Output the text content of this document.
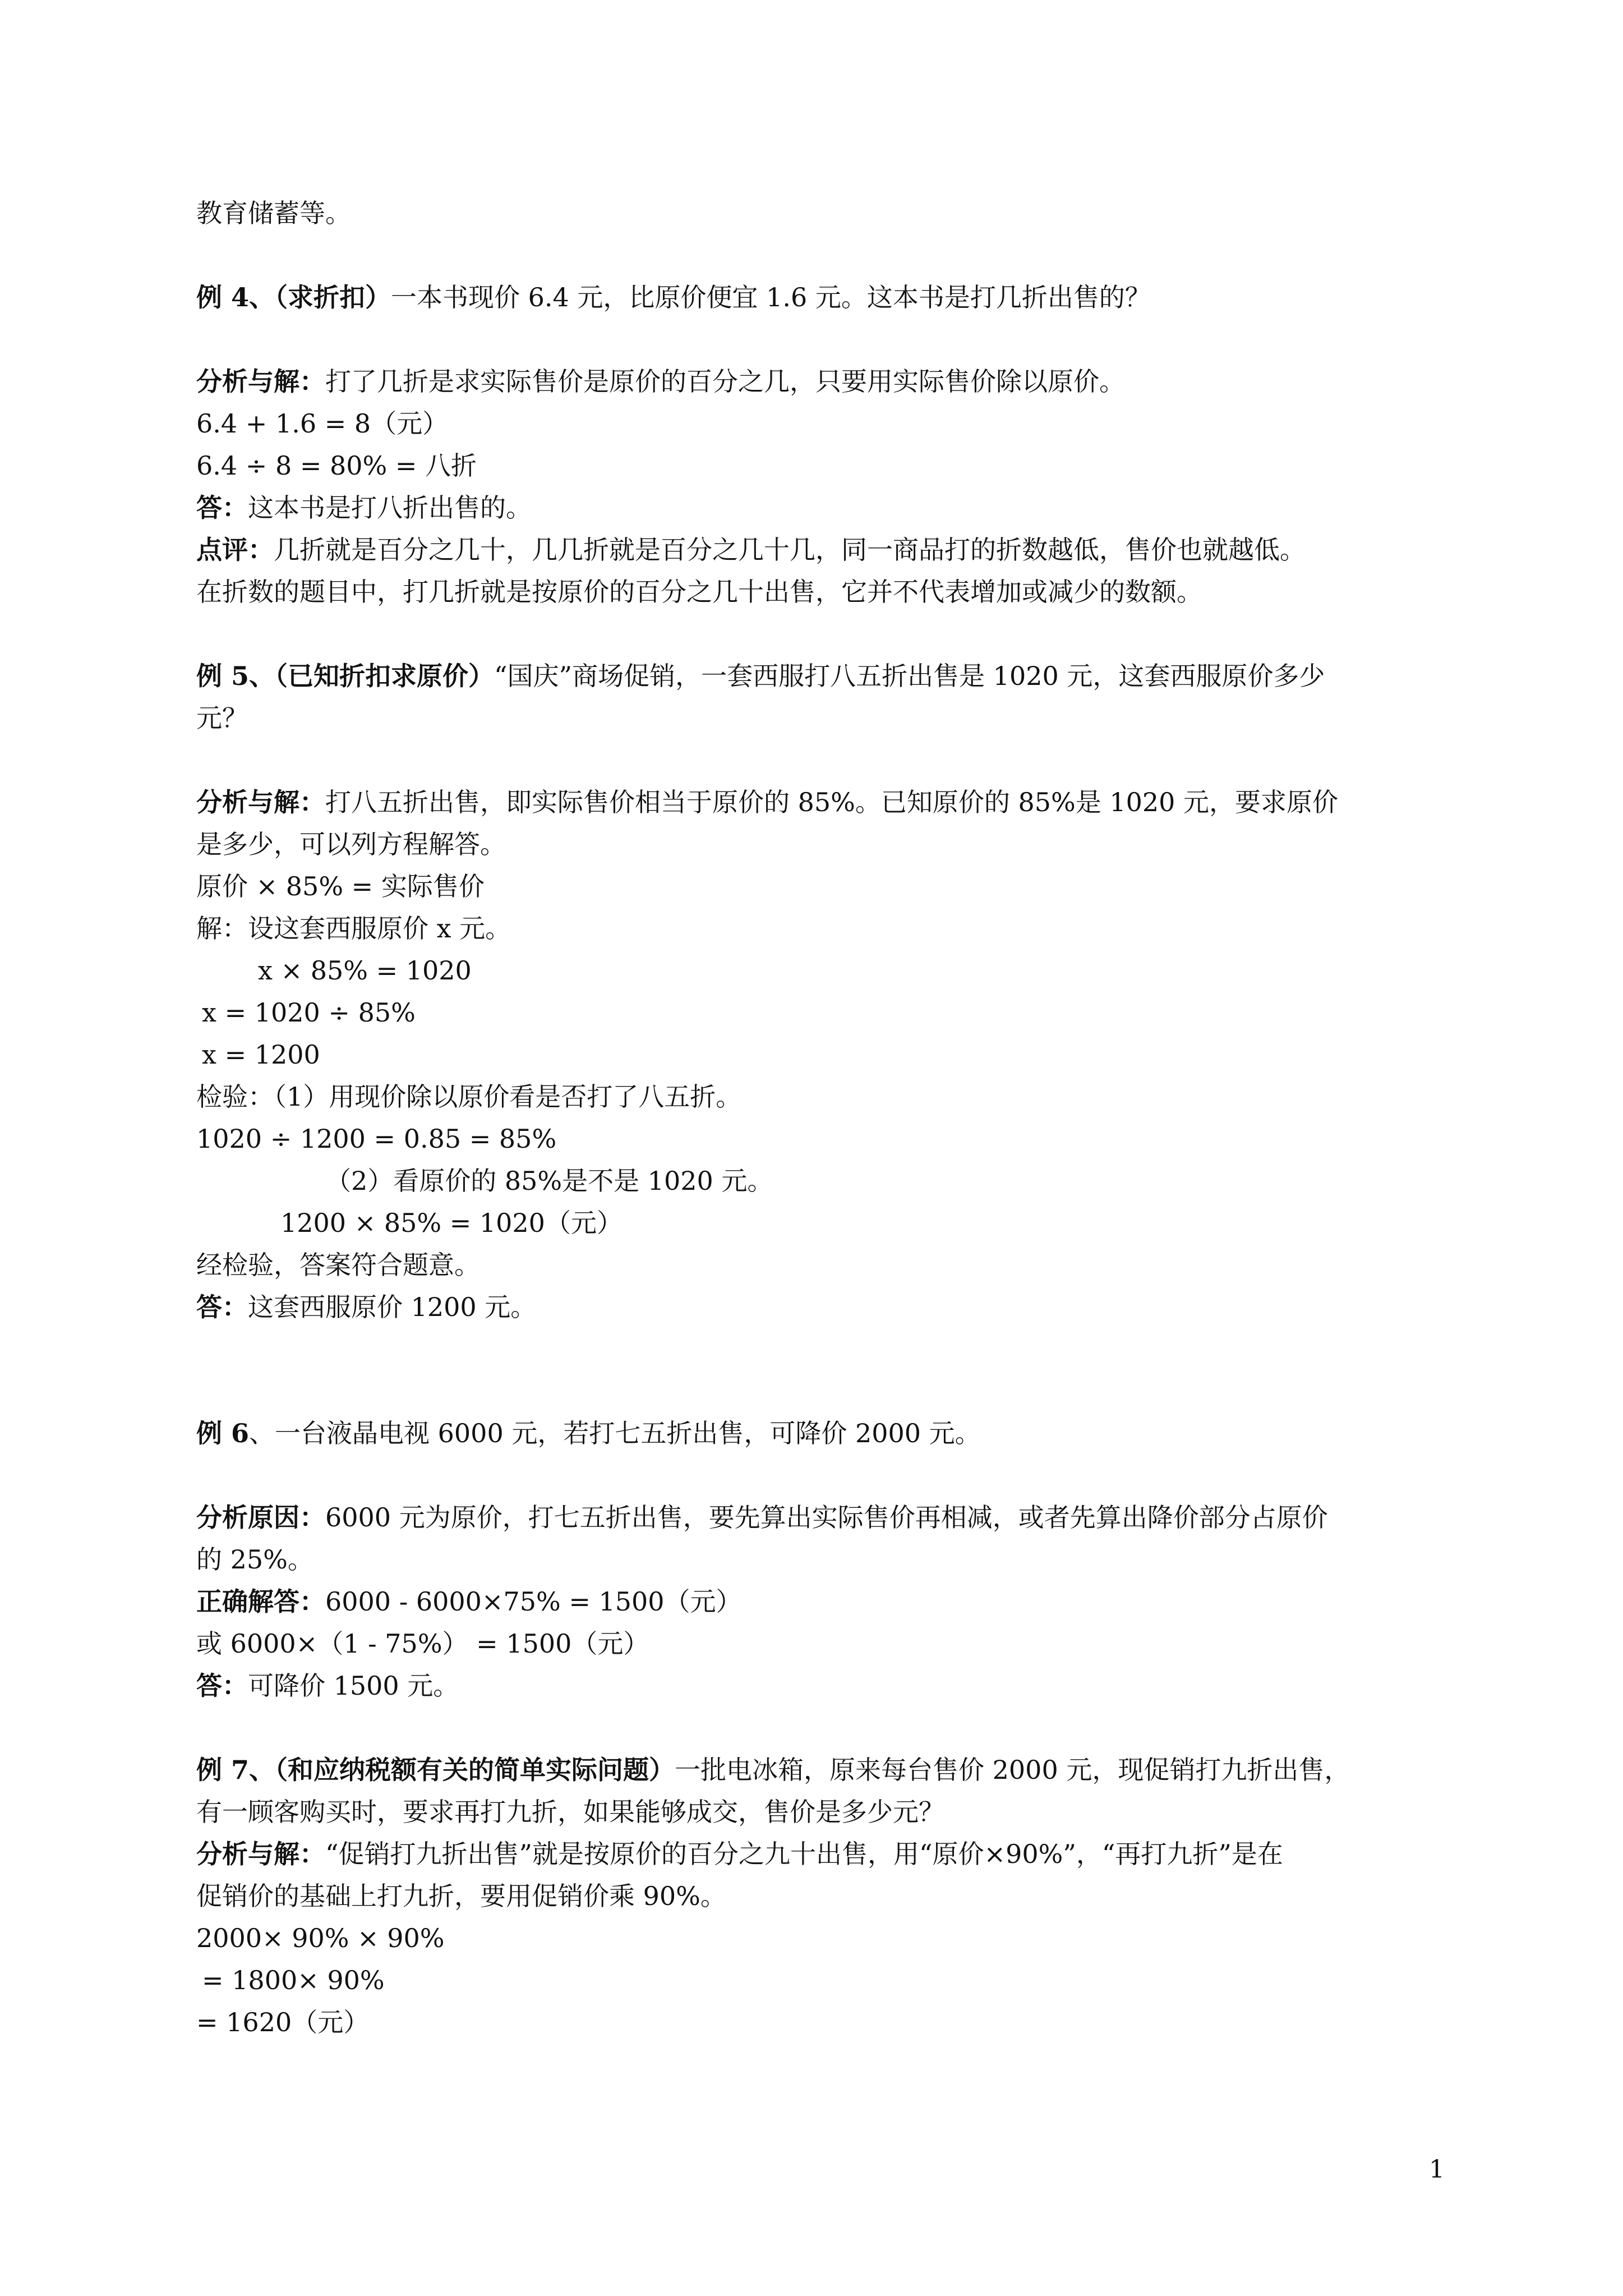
教育储蓄等。
例 4、（求折扣）一本书现价 6.4 元，比原价便宜 1.6 元。这本书是打几折出售的？
分析与解：打了几折是求实际售价是原价的百分之几，只要用实际售价除以原价。
6.4 + 1.6 = 8（元）
6.4 ÷ 8 = 80% = 八折
答：这本书是打八折出售的。
点评：几折就是百分之几十，几几折就是百分之几十几，同一商品打的折数越低，售价也就越低。
在折数的题目中，打几折就是按原价的百分之几十出售，它并不代表增加或减少的数额。
例 5、（已知折扣求原价）“国庆”商场促销，一套西服打八五折出售是 1020 元，这套西服原价多少
元？
分析与解：打八五折出售，即实际售价相当于原价的 85%。已知原价的 85%是 1020 元，要求原价
是多少，可以列方程解答。
原价 × 85% = 实际售价
解：设这套西服原价 x 元。
x × 85% = 1020
x = 1020 ÷ 85%
x = 1200
检验：（1）用现价除以原价看是否打了八五折。
1020 ÷ 1200 = 0.85 = 85%
（2）看原价的 85%是不是 1020 元。
1200 × 85% = 1020（元）
经检验，答案符合题意。
答：这套西服原价 1200 元。
例 6、一台液晶电视 6000 元，若打七五折出售，可降价 2000 元。
分析原因：6000 元为原价，打七五折出售，要先算出实际售价再相减，或者先算出降价部分占原价
的 25%。
正确解答：6000 - 6000×75% = 1500（元）
或 6000×（1 - 75%） = 1500（元）
答：可降价 1500 元。
例 7、（和应纳税额有关的简单实际问题）一批电冰箱，原来每台售价 2000 元，现促销打九折出售，
有一顾客购买时，要求再打九折，如果能够成交，售价是多少元？
分析与解：“促销打九折出售”就是按原价的百分之九十出售，用“原价×90%”，“再打九折”是在
促销价的基础上打九折，要用促销价乘 90%。
2000× 90% × 90%
= 1800× 90%
= 1620（元）
1
